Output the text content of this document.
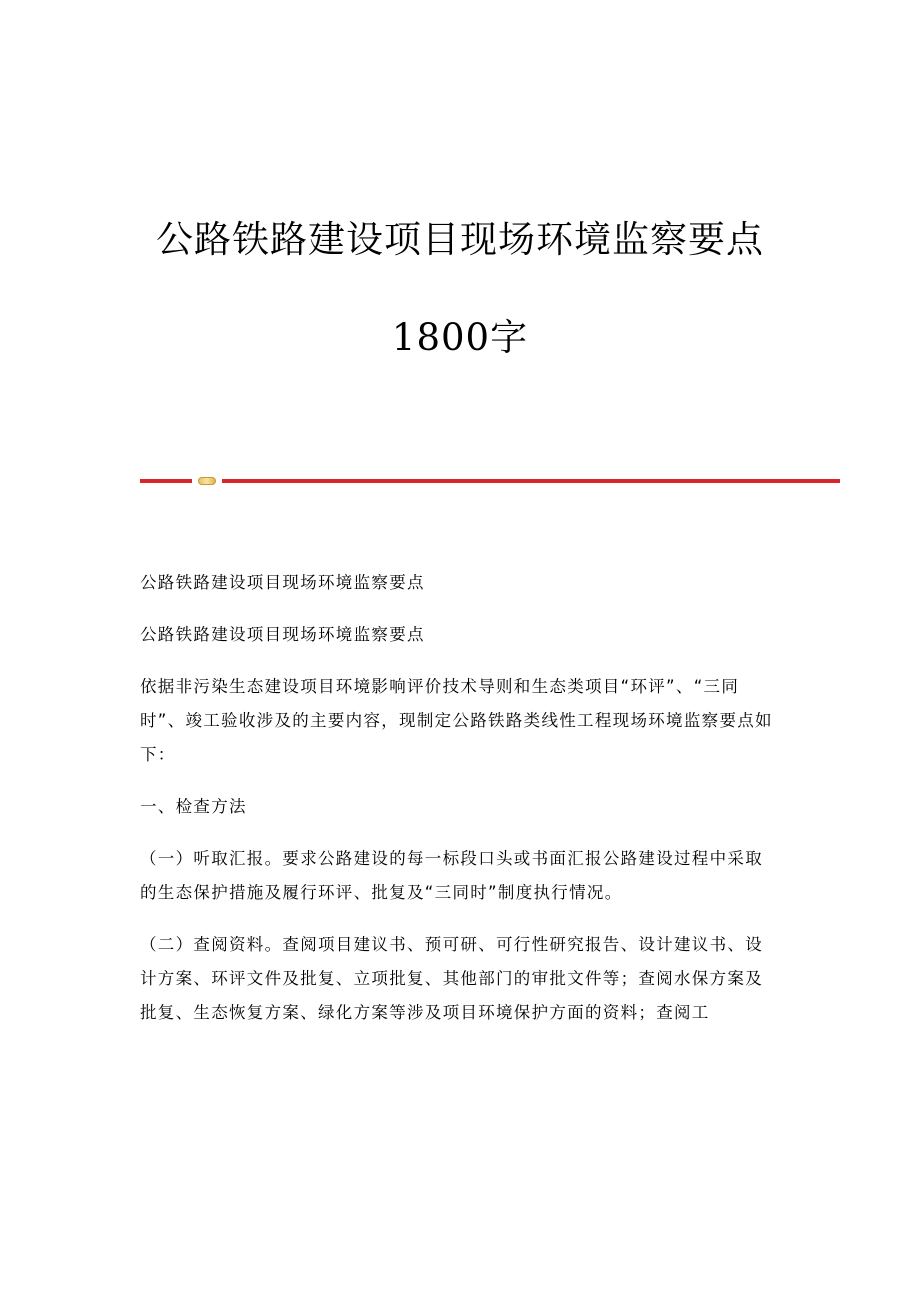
公路铁路建设项目现场环境监察要点
1800字

公路铁路建设项目现场环境监察要点

公路铁路建设项目现场环境监察要点

依据非污染生态建设项目环境影响评价技术导则和生态类项目“环评”、“三同时”、竣工验收涉及的主要内容，现制定公路铁路类线性工程现场环境监察要点如下：

一、检查方法

（一）听取汇报。要求公路建设的每一标段口头或书面汇报公路建设过程中采取的生态保护措施及履行环评、批复及“三同时”制度执行情况。

（二）查阅资料。查阅项目建议书、预可研、可行性研究报告、设计建议书、设计方案、环评文件及批复、立项批复、其他部门的审批文件等；查阅水保方案及批复、生态恢复方案、绿化方案等涉及项目环境保护方面的资料；查阅工
